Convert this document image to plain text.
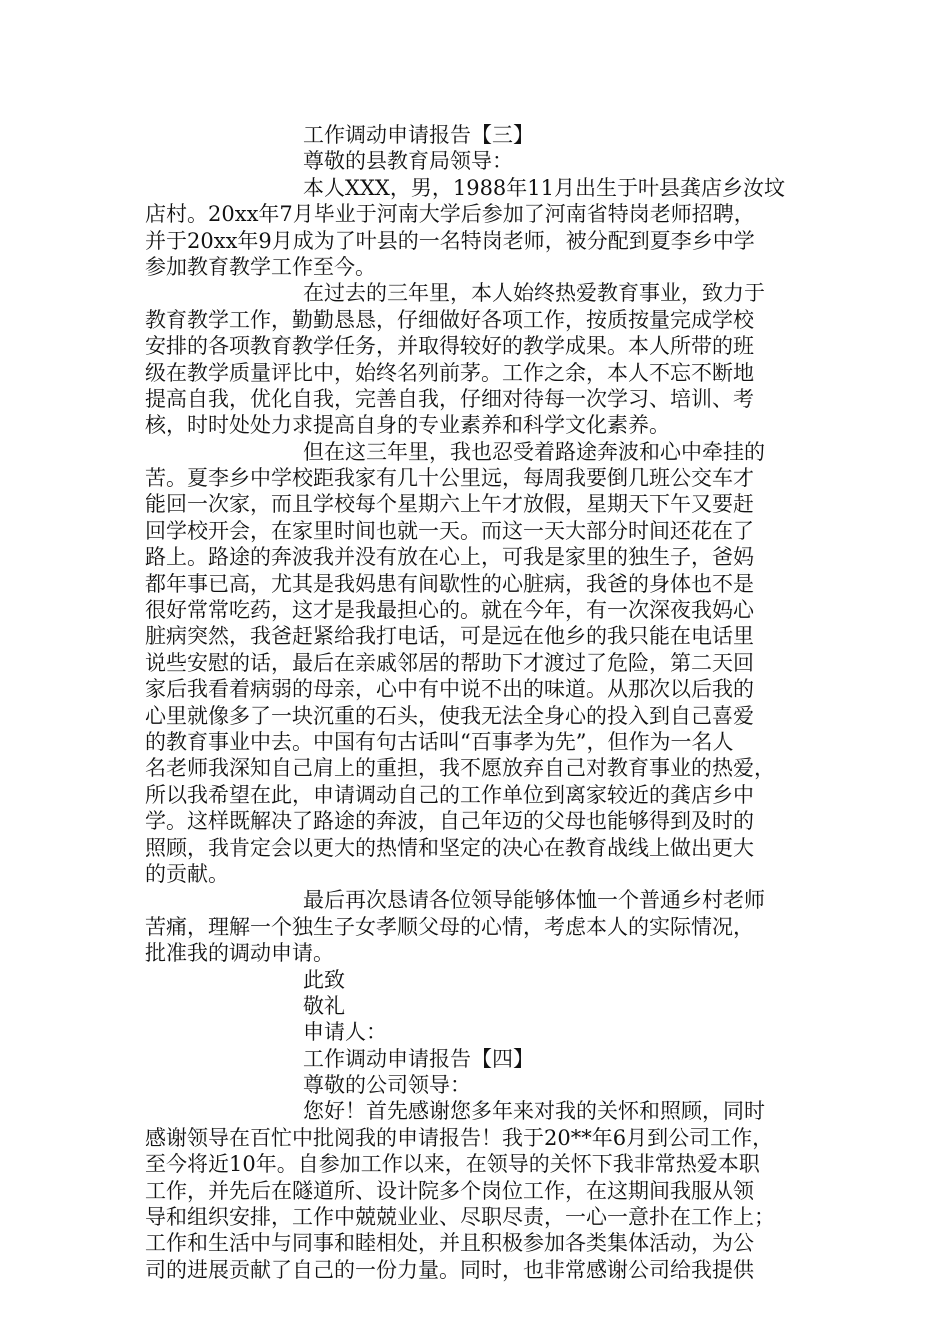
工作调动申请报告【三】
尊敬的县教育局领导：
本人XXX，男，1988年11月出生于叶县龚店乡汝坟
店村。20xx年7月毕业于河南大学后参加了河南省特岗老师招聘，
并于20xx年9月成为了叶县的一名特岗老师，被分配到夏李乡中学
参加教育教学工作至今。
在过去的三年里，本人始终热爱教育事业，致力于
教育教学工作，勤勤恳恳，仔细做好各项工作，按质按量完成学校
安排的各项教育教学任务，并取得较好的教学成果。本人所带的班
级在教学质量评比中，始终名列前茅。工作之余，本人不忘不断地
提高自我，优化自我，完善自我，仔细对待每一次学习、培训、考
核，时时处处力求提高自身的专业素养和科学文化素养。
但在这三年里，我也忍受着路途奔波和心中牵挂的
苦。夏李乡中学校距我家有几十公里远，每周我要倒几班公交车才
能回一次家，而且学校每个星期六上午才放假，星期天下午又要赶
回学校开会，在家里时间也就一天。而这一天大部分时间还花在了
路上。路途的奔波我并没有放在心上，可我是家里的独生子，爸妈
都年事已高，尤其是我妈患有间歇性的心脏病，我爸的身体也不是
很好常常吃药，这才是我最担心的。就在今年，有一次深夜我妈心
脏病突然，我爸赶紧给我打电话，可是远在他乡的我只能在电话里
说些安慰的话，最后在亲戚邻居的帮助下才渡过了危险，第二天回
家后我看着病弱的母亲，心中有中说不出的味道。从那次以后我的
心里就像多了一块沉重的石头，使我无法全身心的投入到自己喜爱
的教育事业中去。中国有句古话叫“百事孝为先”，但作为一名人
名老师我深知自己肩上的重担，我不愿放弃自己对教育事业的热爱，
所以我希望在此，申请调动自己的工作单位到离家较近的龚店乡中
学。这样既解决了路途的奔波，自己年迈的父母也能够得到及时的
照顾，我肯定会以更大的热情和坚定的决心在教育战线上做出更大
的贡献。
最后再次恳请各位领导能够体恤一个普通乡村老师
苦痛，理解一个独生子女孝顺父母的心情，考虑本人的实际情况，
批准我的调动申请。
此致
敬礼
申请人：
工作调动申请报告【四】
尊敬的公司领导：
您好！首先感谢您多年来对我的关怀和照顾，同时
感谢领导在百忙中批阅我的申请报告！我于20**年6月到公司工作，
至今将近10年。自参加工作以来，在领导的关怀下我非常热爱本职
工作，并先后在隧道所、设计院多个岗位工作，在这期间我服从领
导和组织安排，工作中兢兢业业、尽职尽责，一心一意扑在工作上；
工作和生活中与同事和睦相处，并且积极参加各类集体活动，为公
司的进展贡献了自己的一份力量。同时，也非常感谢公司给我提供
